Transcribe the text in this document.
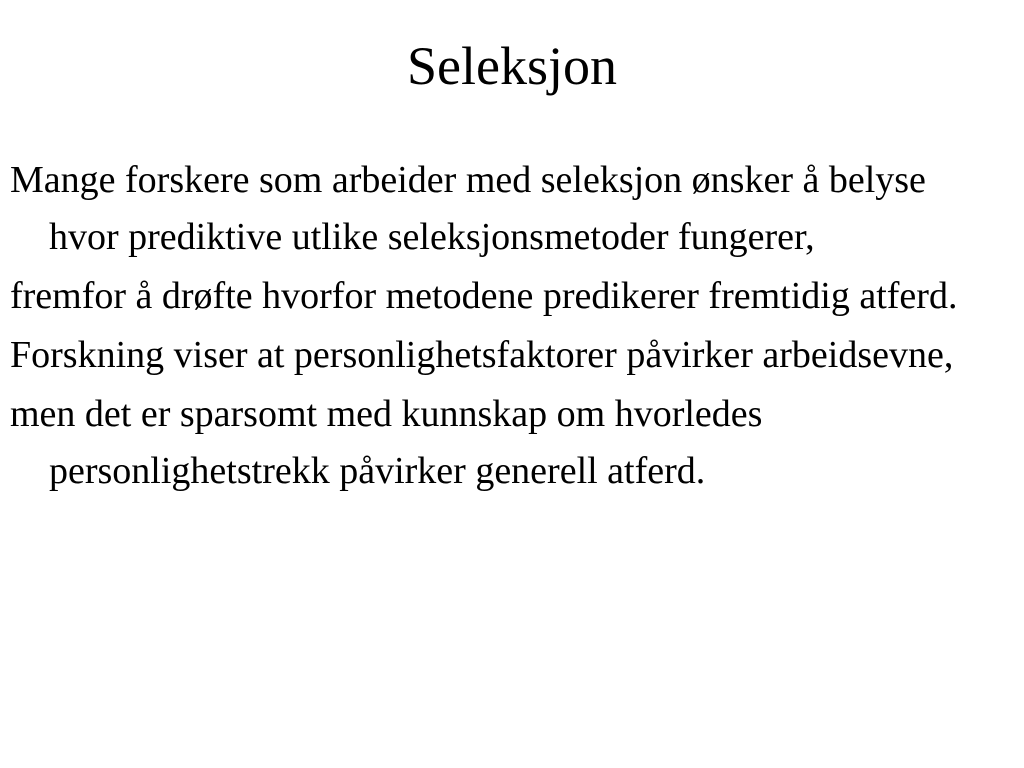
Seleksjon
Mange forskere som arbeider med seleksjon ønsker å belyse hvor prediktive utlike seleksjonsmetoder fungerer,
fremfor å drøfte hvorfor metodene predikerer fremtidig atferd.
Forskning viser at personlighetsfaktorer påvirker arbeidsevne,
men det er sparsomt med kunnskap om hvorledes personlighetstrekk påvirker generell atferd.
